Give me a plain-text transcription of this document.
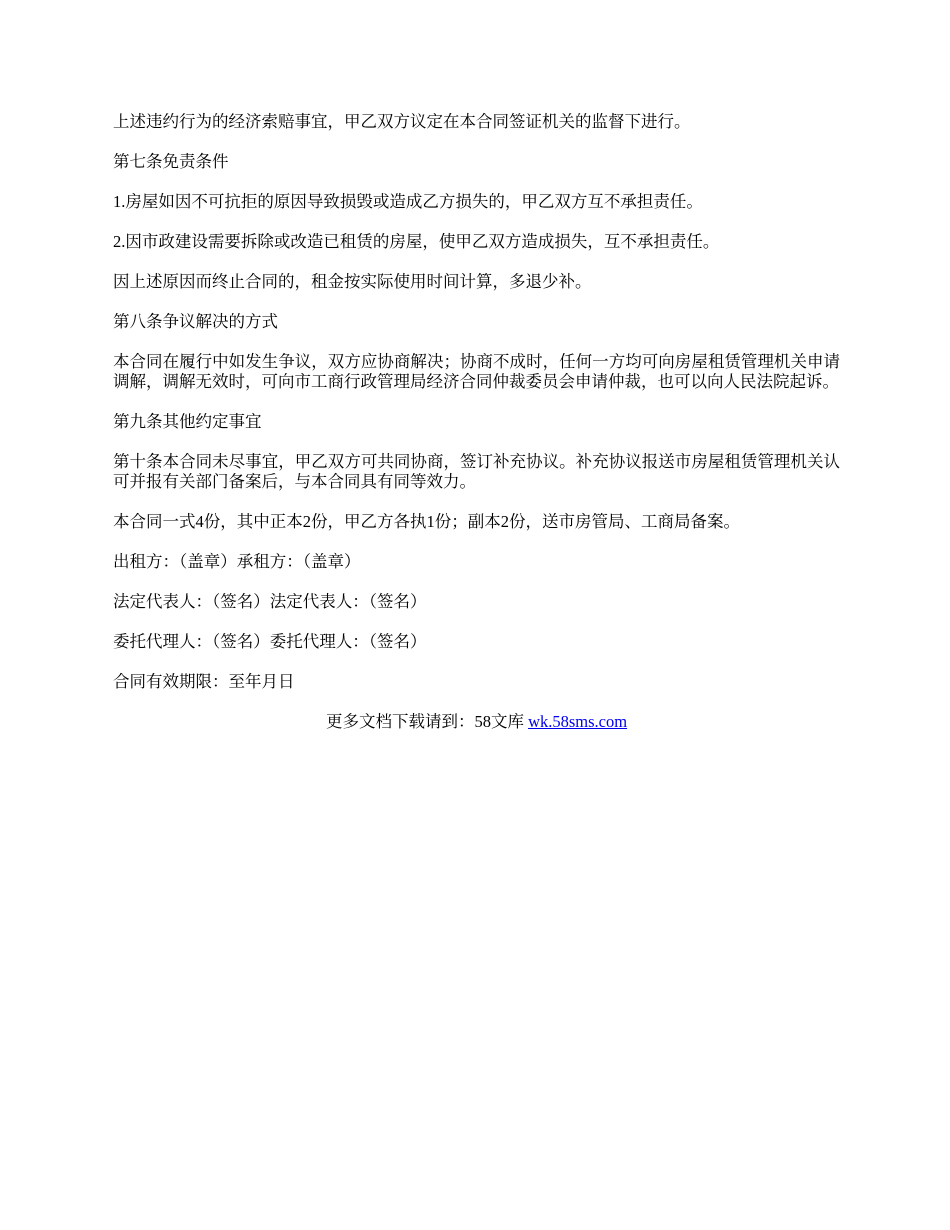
上述违约行为的经济索赔事宜，甲乙双方议定在本合同签证机关的监督下进行。

第七条免责条件

1.房屋如因不可抗拒的原因导致损毁或造成乙方损失的，甲乙双方互不承担责任。

2.因市政建设需要拆除或改造已租赁的房屋，使甲乙双方造成损失，互不承担责任。

因上述原因而终止合同的，租金按实际使用时间计算，多退少补。

第八条争议解决的方式

本合同在履行中如发生争议，双方应协商解决；协商不成时，任何一方均可向房屋租赁管理机关申请调解，调解无效时，可向市工商行政管理局经济合同仲裁委员会申请仲裁，也可以向人民法院起诉。

第九条其他约定事宜

第十条本合同未尽事宜，甲乙双方可共同协商，签订补充协议。补充协议报送市房屋租赁管理机关认可并报有关部门备案后，与本合同具有同等效力。

本合同一式4份，其中正本2份，甲乙方各执1份；副本2份，送市房管局、工商局备案。

出租方：（盖章）承租方：（盖章）

法定代表人：（签名）法定代表人：（签名）

委托代理人：（签名）委托代理人：（签名）

合同有效期限：至年月日

更多文档下载请到：58文库 wk.58sms.com
